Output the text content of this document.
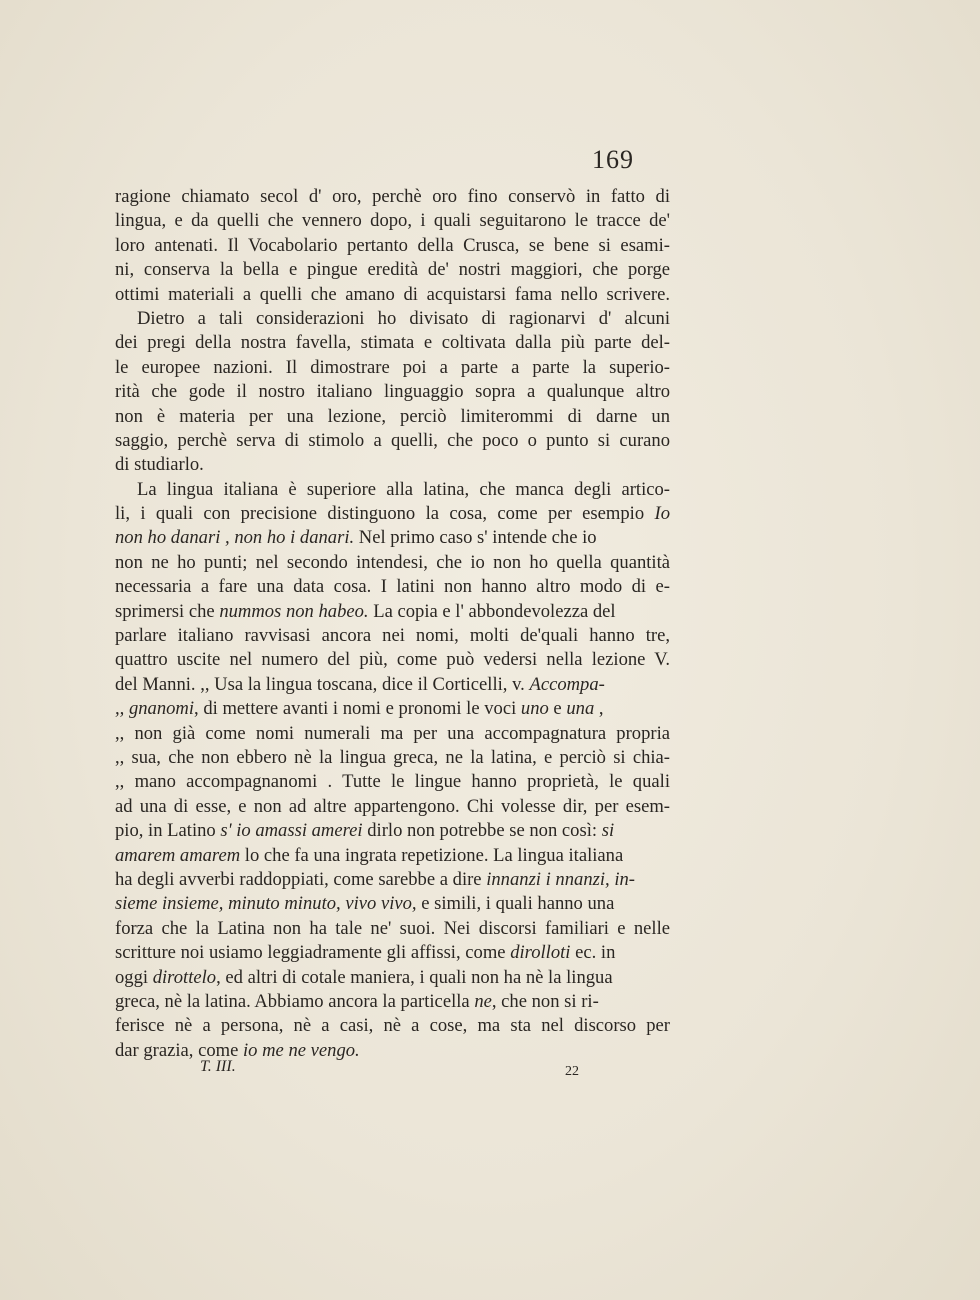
169
ragione chiamato secol d' oro, perchè oro fino conservò in fatto di
lingua, e da quelli che vennero dopo, i quali seguitarono le tracce de'
loro antenati. Il Vocabolario pertanto della Crusca, se bene si esami-
ni, conserva la bella e pingue eredità de' nostri maggiori, che porge
ottimi materiali a quelli che amano di acquistarsi fama nello scrivere.
Dietro a tali considerazioni ho divisato di ragionarvi d' alcuni
dei pregi della nostra favella, stimata e coltivata dalla più parte del-
le europee nazioni. Il dimostrare poi a parte a parte la superio-
rità che gode il nostro italiano linguaggio sopra a qualunque altro
non è materia per una lezione, perciò limiterommi di darne un
saggio, perchè serva di stimolo a quelli, che poco o punto si curano
di studiarlo.
La lingua italiana è superiore alla latina, che manca degli artico-
li, i quali con precisione distinguono la cosa, come per esempio Io
non ho danari , non ho i danari. Nel primo caso s' intende che io
non ne ho punti; nel secondo intendesi, che io non ho quella quantità
necessaria a fare una data cosa. I latini non hanno altro modo di e-
sprimersi che nummos non habeo. La copia e l' abbondevolezza del
parlare italiano ravvisasi ancora nei nomi, molti de'quali hanno tre,
quattro uscite nel numero del più, come può vedersi nella lezione V.
del Manni. ,, Usa la lingua toscana, dice il Corticelli, v. Accompa-
,, gnanomi, di mettere avanti i nomi e pronomi le voci uno e una ,
,, non già come nomi numerali ma per una accompagnatura propria
,, sua, che non ebbero nè la lingua greca, ne la latina, e perciò si chia-
,, mano accompagnanomi . Tutte le lingue hanno proprietà, le quali
ad una di esse, e non ad altre appartengono. Chi volesse dir, per esem-
pio, in Latino s' io amassi amerei dirlo non potrebbe se non così: si
amarem amarem lo che fa una ingrata repetizione. La lingua italiana
ha degli avverbi raddoppiati, come sarebbe a dire innanzi i nnanzi, in-
sieme insieme, minuto minuto, vivo vivo, e simili, i quali hanno una
forza che la Latina non ha tale ne' suoi. Nei discorsi familiari e nelle
scritture noi usiamo leggiadramente gli affissi, come dirolloti ec. in
oggi dirottelo, ed altri di cotale maniera, i quali non ha nè la lingua
greca, nè la latina. Abbiamo ancora la particella ne, che non si ri-
ferisce nè a persona, nè a casi, nè a cose, ma sta nel discorso per
dar grazia, come io me ne vengo.
T. III.	22
